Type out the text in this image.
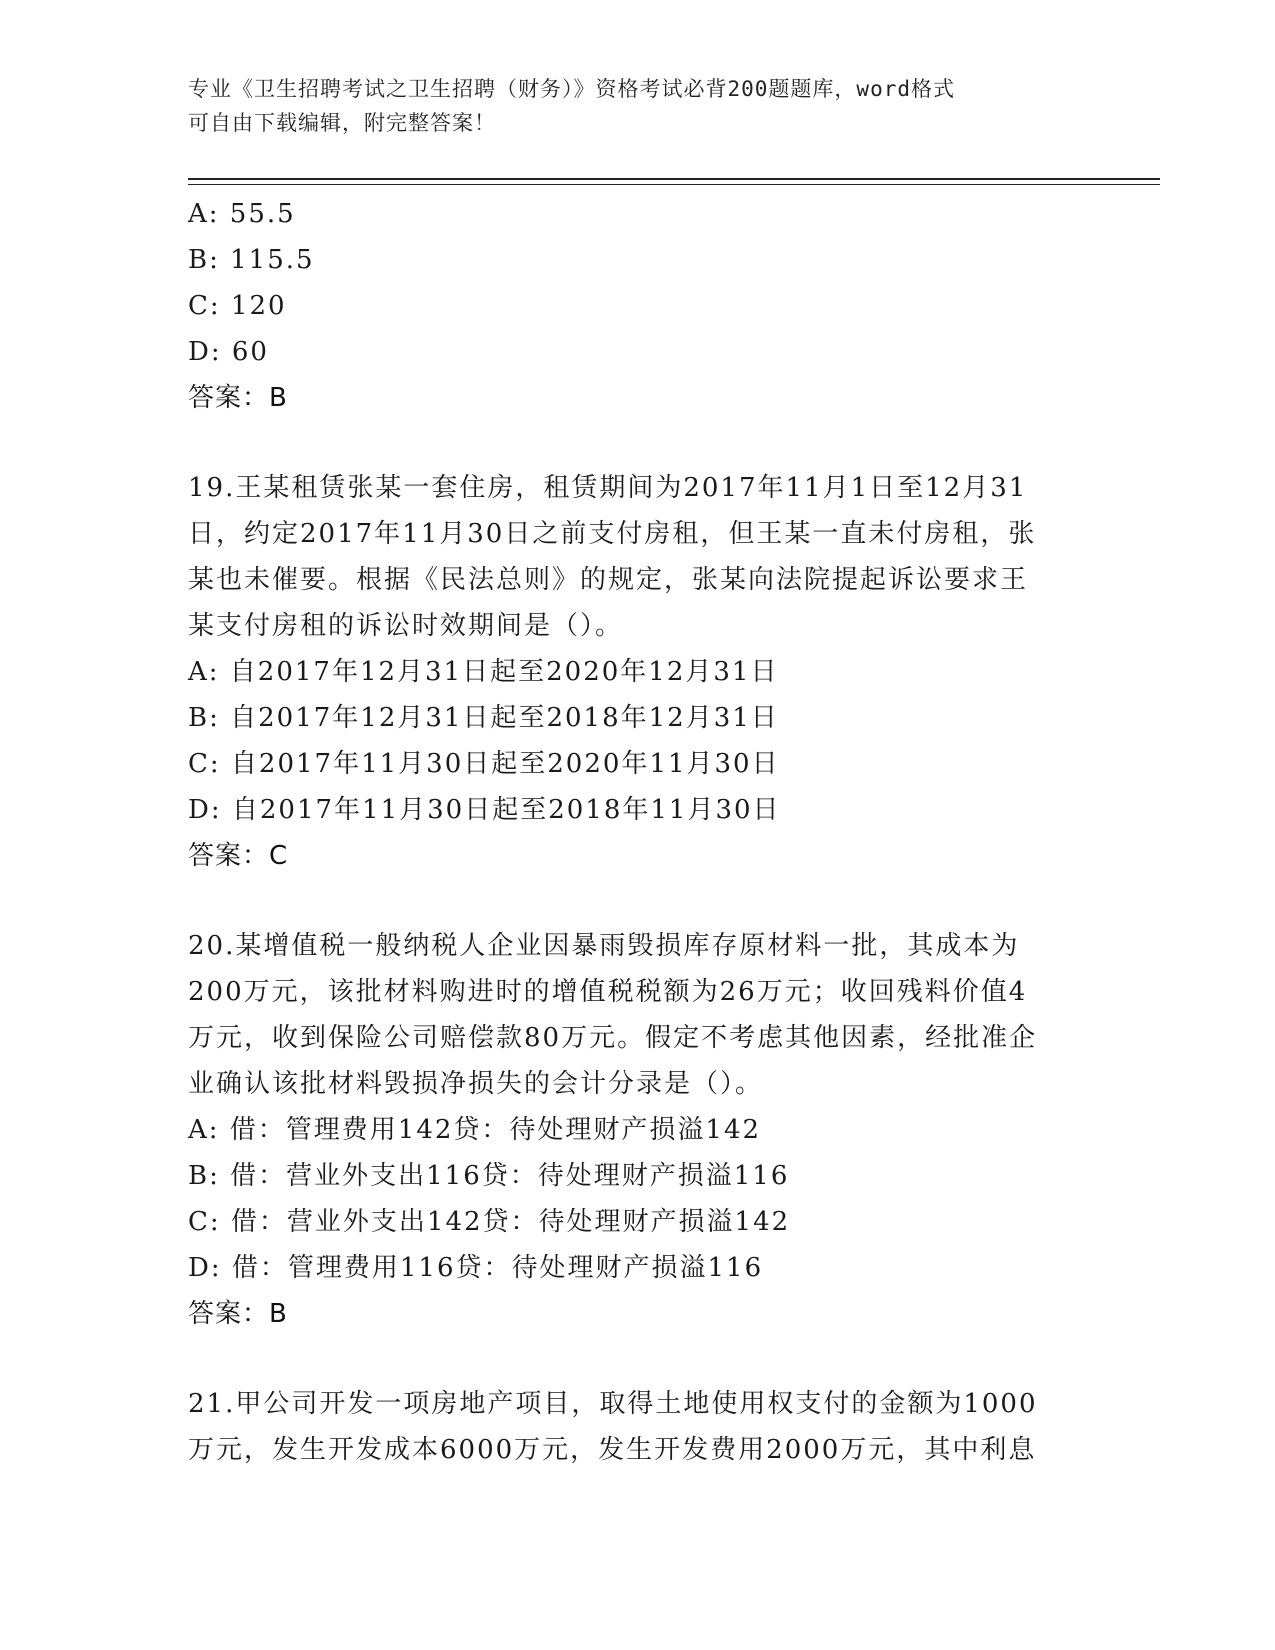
专业《卫生招聘考试之卫生招聘（财务）》资格考试必背200题题库，word格式
可自由下载编辑，附完整答案！
A: 55.5
B: 115.5
C: 120
D: 60
答案：B
19.王某租赁张某一套住房，租赁期间为2017年11月1日至12月31
日，约定2017年11月30日之前支付房租，但王某一直未付房租，张
某也未催要。根据《民法总则》的规定，张某向法院提起诉讼要求王
某支付房租的诉讼时效期间是（）。
A: 自2017年12月31日起至2020年12月31日
B: 自2017年12月31日起至2018年12月31日
C: 自2017年11月30日起至2020年11月30日
D: 自2017年11月30日起至2018年11月30日
答案：C
20.某增值税一般纳税人企业因暴雨毁损库存原材料一批，其成本为
200万元，该批材料购进时的增值税税额为26万元；收回残料价值4
万元，收到保险公司赔偿款80万元。假定不考虑其他因素，经批准企
业确认该批材料毁损净损失的会计分录是（）。
A: 借：管理费用142贷：待处理财产损溢142
B: 借：营业外支出116贷：待处理财产损溢116
C: 借：营业外支出142贷：待处理财产损溢142
D: 借：管理费用116贷：待处理财产损溢116
答案：B
21.甲公司开发一项房地产项目，取得土地使用权支付的金额为1000
万元，发生开发成本6000万元，发生开发费用2000万元，其中利息
